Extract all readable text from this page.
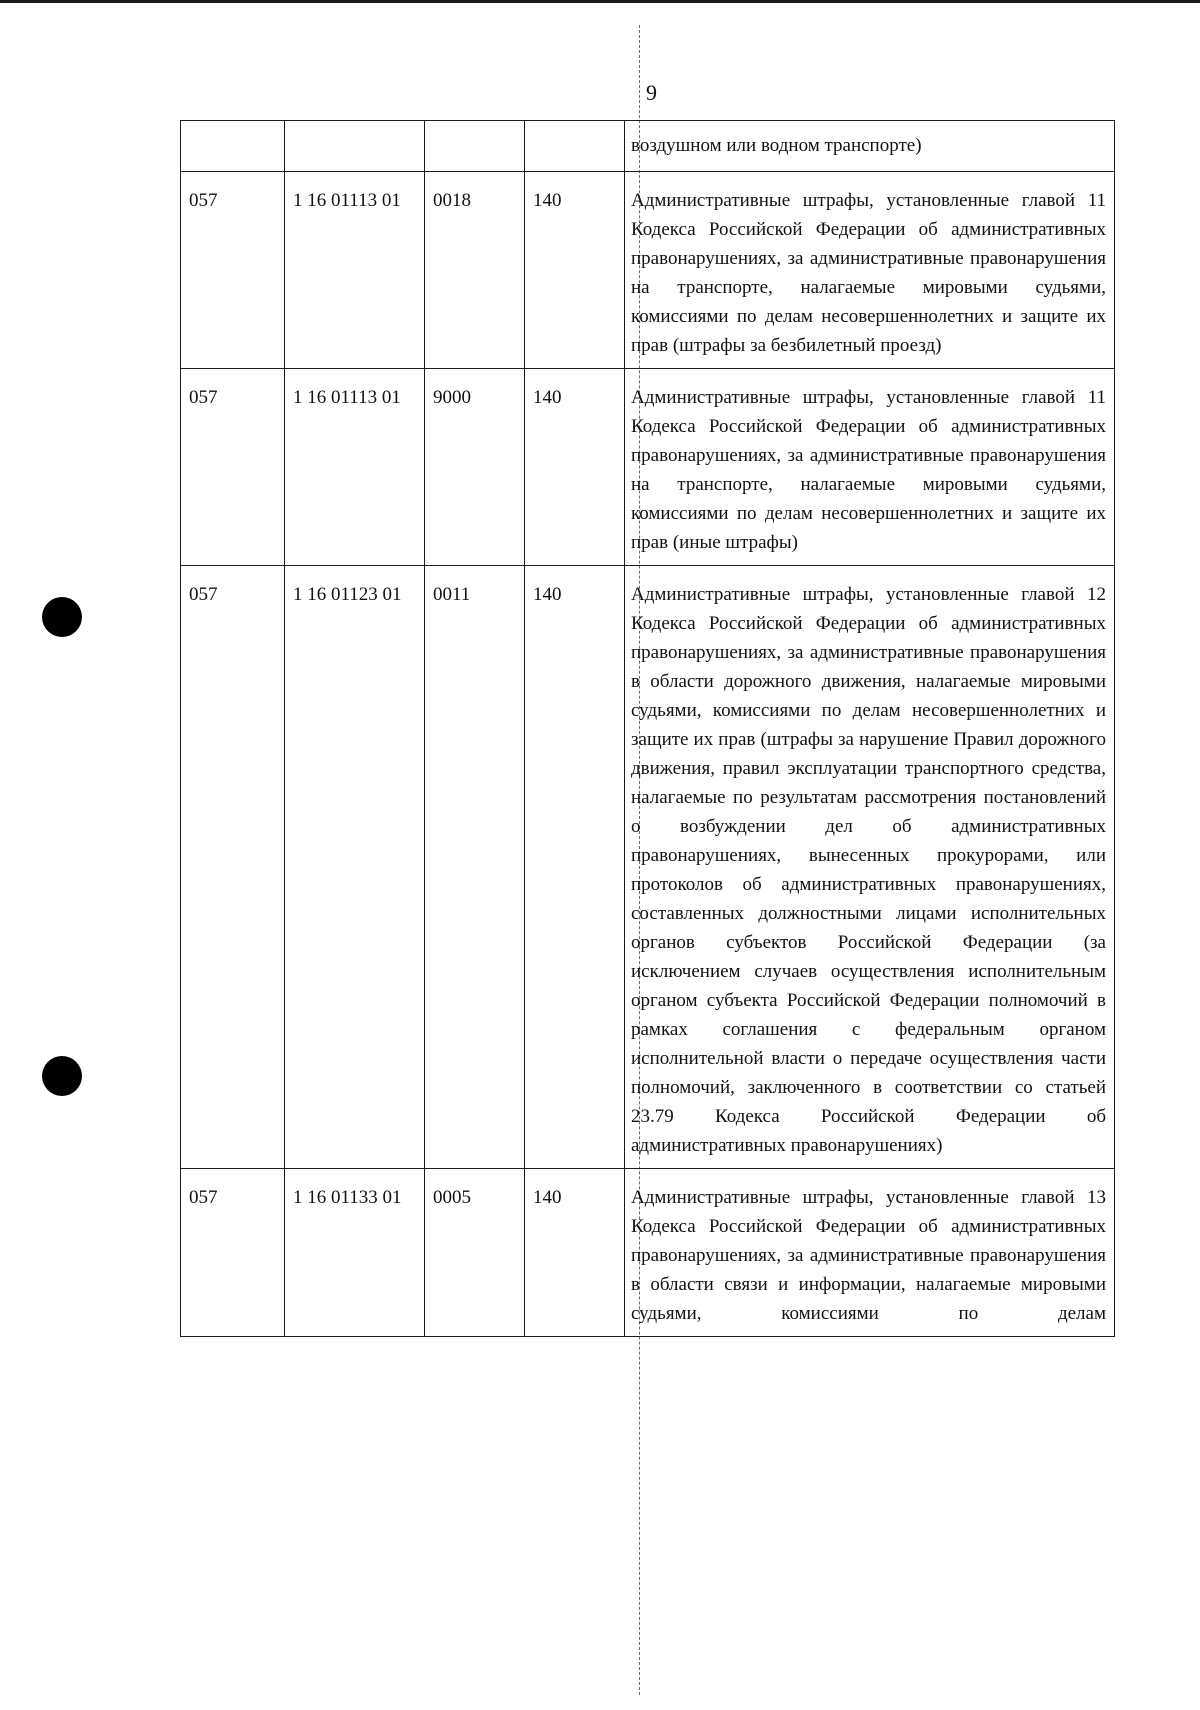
9
				воздушном или водном транспорте)
057	1 16 01113 01	0018	140	Административные штрафы, установленные главой 11 Кодекса Российской Федерации об административных правонарушениях, за административные правонарушения на транспорте, налагаемые мировыми судьями, комиссиями по делам несовершеннолетних и защите их прав (штрафы за безбилетный проезд)
057	1 16 01113 01	9000	140	Административные штрафы, установленные главой 11 Кодекса Российской Федерации об административных правонарушениях, за административные правонарушения на транспорте, налагаемые мировыми судьями, комиссиями по делам несовершеннолетних и защите их прав (иные штрафы)
057	1 16 01123 01	0011	140	Административные штрафы, установленные главой 12 Кодекса Российской Федерации об административных правонарушениях, за административные правонарушения в области дорожного движения, налагаемые мировыми судьями, комиссиями по делам несовершеннолетних и защите их прав (штрафы за нарушение Правил дорожного движения, правил эксплуатации транспортного средства, налагаемые по результатам рассмотрения постановлений о возбуждении дел об административных правонарушениях, вынесенных прокурорами, или протоколов об административных правонарушениях, составленных должностными лицами исполнительных органов субъектов Российской Федерации (за исключением случаев осуществления исполнительным органом субъекта Российской Федерации полномочий в рамках соглашения с федеральным органом исполнительной власти о передаче осуществления части полномочий, заключенного в соответствии со статьей 23.79 Кодекса Российской Федерации об административных правонарушениях)
057	1 16 01133 01	0005	140	Административные штрафы, установленные главой 13 Кодекса Российской Федерации об административных правонарушениях, за административные правонарушения в области связи и информации, налагаемые мировыми судьями, комиссиями по делам
